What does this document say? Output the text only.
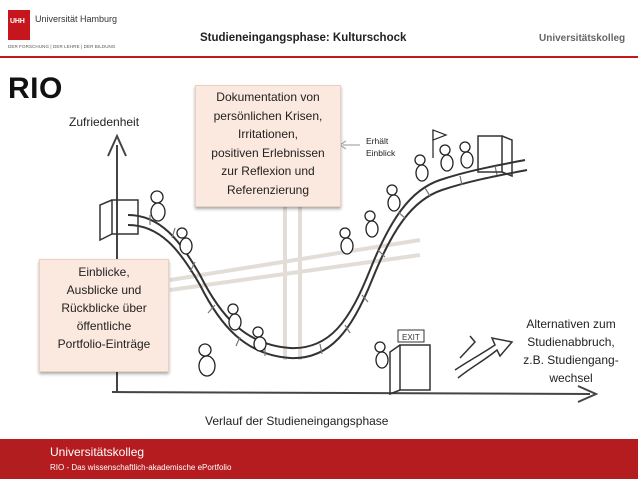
UHH Universität Hamburg
DER FORSCHUNG | DER LEHRE | DER BILDUNG
Studieneingangsphase: Kulturschock	Universitätskolleg
RIO
EXIT
Zufriedenheit
Verlauf der Studieneingangsphase
Erhält
Einblick
Dokumentation von
persönlichen Krisen,
Irritationen,
positiven Erlebnissen
zur Reflexion und
Referenzierung
Einblicke,
Ausblicke und
Rückblicke über
öffentliche
Portfolio-Einträge
Alternativen zum
Studienabbruch,
z.B. Studiengang-
wechsel
Universitätskolleg
RIO - Das wissenschaftlich-akademische ePortfolio
